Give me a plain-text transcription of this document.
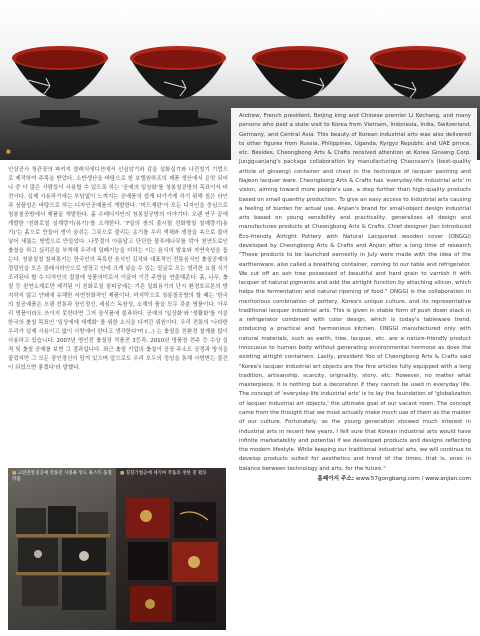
■ 동월내만 청잔세트
인삼공사 청관장의 파키지 클래식에디션에서 선심암기와 감을 실화실기와 나전칠기 기법으로 제작하여 주목을 받았다. 소반생산을 바탕으로 한 호텔원하프의 제품 생산에서 은맛 되어나 중 더 많은 사람들이 사용할 수 있도록 하는 '공예의 일상화'를 청봉칠공방의 목표이자 비전이다. 실제 사용하기에는 부담없이 느껴지는 공예품의 쉽게 다가가게 하기 위해 칠은 라인과 심플성은 바탕으로 하는 디자인공예품의 개발한다. '머드재판'이 모든 디자인을 중심으로 청봉칠공방에서 제품을 개발한다. 흙 수레디자인의 청봉칠공방의 이야기다. 오랜 연구 끝에 개발한 '친화로칠 실계량기(용기)'를 소개한다. '7일의 창의 출시될 친화형칠 칠예량기(용기)'는 흙으로 만들어 생이 숨쉬는 그릇으로 불리는 옹기를 우리 색채와 생장을 속으로 불어넣어 새롭는 방법으로 만들었다. 나뭇결이 아름답고 단단한 물푸레나무를 깎아 천연도료인 옻칠을 하고 실리콘을 부착해 우리에 밀폐기능을 더하는 이는 음식의 발효와 자연숙성을 돕는다. 청봉칠칠 칠피통기는 한국인의 독특한 음식인 김치와 대표적인 전통음식인 옻칠공예의 정밀인을 모은 클래식라인으로 냉장고 안에 크게 넣을 수 있는 얼굴로 오는 영리한 요점 식기 조리된다 할 수 디자인의 접점에 상품의미로서 이끌어 기간 주방을 연출해준다. 흙, 나무, 옻칠 등 천연소재로만 제작된 이 친화로칠 칠피공예는 기존 일회용기의 단시 환경호르몬의 방지하지 않고 안돼에 유해한 자연천화적인 제품이다. 마지막으로 청봉칠공방의 할 때는 '한국의 칠공예품은 오랜 전통과 장인정신, 세심스 독창성, 소재의 품을 모두 갖춘 명품이다. 아무리 명품이라도 쓰이지 못한다면 그저 장식품에 불과하다. 공예의 '일상화'와 '생활화'를 이룬 한국의 옻칠 목표인 '일상에에 세계화' 를 위한 소식을 다져간 위원이다. 우리 전통의 '나라한 우리가 실제 사용이고 없이 사랑에어 한다고 생각한다'며 (...) 는 옻칠을 친환경 칠계를 많이 사용하고 있습니다. 2007년 명인전 옻칠장 작품전 3등과, 2010년 명품장 전주 등 수상 실적 및 옻칠 공예를 보면 그 결과입니다. 최근 옻칠 기업의 옻칠이 공장 주소도 공정과 방식을 줄었지만 그 모든 장인정신이 담겨 있으며 앞으로도 우리 모두의 정성을 통해 사랑받는 물건이 되었으면 좋겠다'라 말했다.

Andrew, French president, Beijing king and Chinese premier Li Kechang, and many persons who paid a state visit to Korea from Vietnam, Indonesia, India, Switzerland, Germany, and Central Asia. This beauty of Korean industrial arts was also delivered to other figures from Russia, Philippines, Uganda, Kyrgyz Republic and UAE prince, etc. Besides, Cheongbong Arts & Crafts received attention at Korea Ginseng Corp. Jungguanjang's package collaboration by manufacturing Cheonsam's (best-quality article of ginseng) container and chest in the technique of lacquer painting and Najeon lacquer ware. Cheongbong Arts & Crafts has 'everyday-life industrial arts' in vision, aiming toward more people's use, a step further than high-quality products based on small quantity production. To give an easy access to industrial arts causing a feeling of burden for actual use, Anjian's brand for small-object design industrial arts based on young sensibility and practicality, generalizes all design and manufactures products at Cheongbong Arts & Crafts. Chief designer Jian introduced Eco-friendly Airtight Pottery with Natural Lacquered wooden cover (ONGGI) developed by Cheongbong Arts & Crafts and Anjian after a long time of research "These products to be launched earnestly in July were made with the idea of the earthenware, also called a breathing container, coming to our table and refrigerator. We cut off an ash tree possessed of beautiful and hard grain to varnish it with lacquer of natural pigments and add the airtight function by attaching silicon, which helps the fermentation and natural ripening of food." ONGGI is the collaboration in meritorious combination of pottery, Korea's unique culture, and its representative traditional lacquer industrial arts. This is given in stable form of push down stack in a refrigerator combined with color design, which is today's tableware trend, producing a practical and harmonious kitchen. ONGGI manufactured only with natural materials, such as earth, tree, lacquer, etc. are a nature-friendly product innocuous to human body without generating environmental hormone as does the existing airtight containers. Lastly, president Yoo of Cheongbong Arts & Crafts said "Korea's lacquer industrial art objects are the fine articles fully equipped with a long tradition, artisanship, scarcity, originality, story, etc. However, no matter what masterpiece, it is nothing but a decoration if they cannot be used in everyday life. The concept of 'everyday-life industrial arts' is to lay the foundation of 'globalization of lacquer industrial art objects,' the ultimate goal of our vacant room. The concept came from the thought that we must actually make much use of them as the master of our culture. Fortunately, as the young generation showed much interest in industrial arts in recent few years, I felt sure that Korean industrial arts would have infinite marketability and potential if we developed products and designs reflecting the modern lifestyle. While keeping our traditional industrial arts, we will continue to develop products suited for aesthetics and trend of the times, that is, ones in balance between technology and arts, for the future."

홈페이지 주소: www.57gongbang.com / www.anjian.com

■ 고전전통칠공예 작품전 시종용 밍도 휴스트 옻칠 작품

■ 칠칠기법공예 세기마 작품의 정한 칠 활동
